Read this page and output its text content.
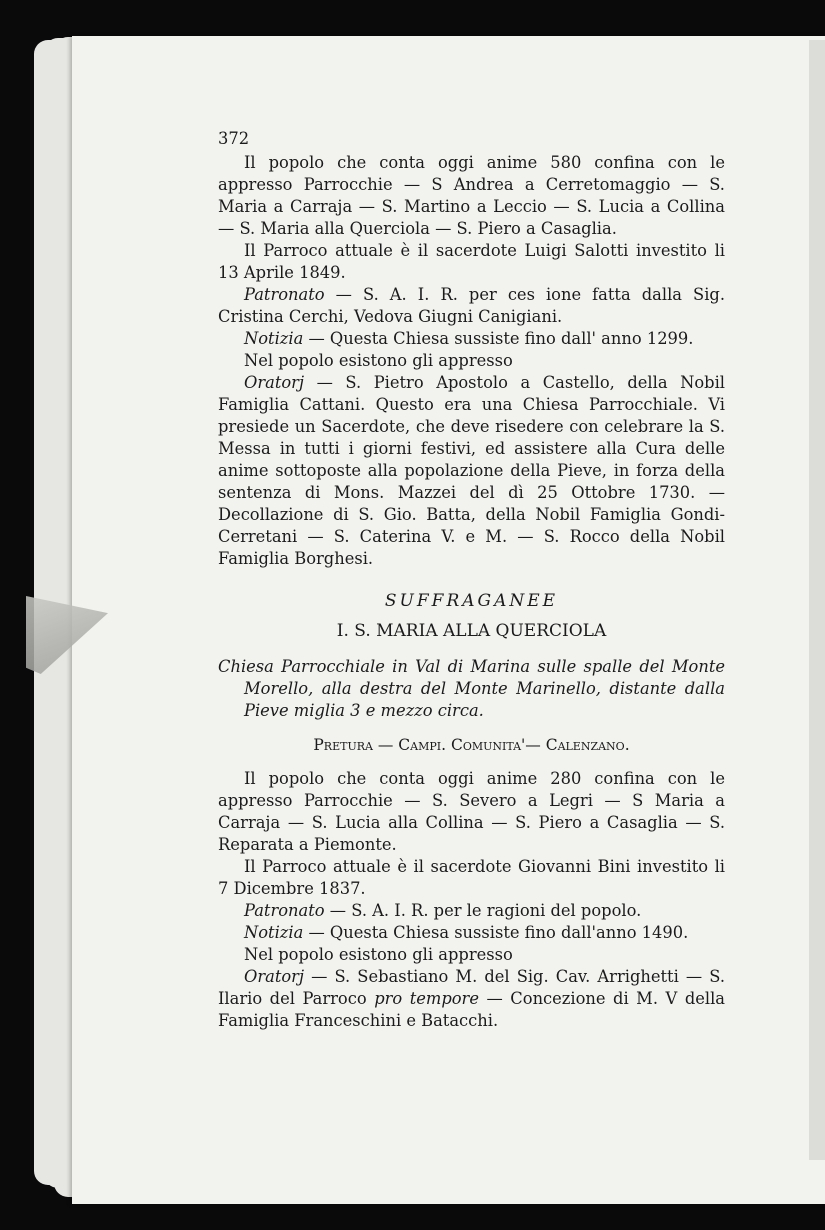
372

Il popolo che conta oggi anime 580 confina con le appresso Parrocchie — S Andrea a Cerretomaggio — S. Maria a Carraja — S. Martino a Leccio — S. Lucia a Collina — S. Maria alla Querciola — S. Piero a Casaglia.

Il Parroco attuale è il sacerdote Luigi Salotti investito li 13 Aprile 1849.

Patronato — S. A. I. R. per ces ione fatta dalla Sig. Cristina Cerchi, Vedova Giugni Canigiani.

Notizia — Questa Chiesa sussiste fino dall' anno 1299.

Nel popolo esistono gli appresso

Oratorj — S. Pietro Apostolo a Castello, della Nobil Famiglia Cattani. Questo era una Chiesa Parrocchiale. Vi presiede un Sacerdote, che deve risedere con celebrare la S. Messa in tutti i giorni festivi, ed assistere alla Cura delle anime sottoposte alla popolazione della Pieve, in forza della sentenza di Mons. Mazzei del dì 25 Ottobre 1730. — Decollazione di S. Gio. Batta, della Nobil Famiglia Gondi-Cerretani — S. Caterina V. e M. — S. Rocco della Nobil Famiglia Borghesi.

SUFFRAGANEE

I. S. MARIA ALLA QUERCIOLA

Chiesa Parrocchiale in Val di Marina sulle spalle del Monte Morello, alla destra del Monte Marinello, distante dalla Pieve miglia 3 e mezzo circa.

Pretura — Campi. Comunita'— Calenzano.

Il popolo che conta oggi anime 280 confina con le appresso Parrocchie — S. Severo a Legri — S Maria a Carraja — S. Lucia alla Collina — S. Piero a Casaglia — S. Reparata a Piemonte.

Il Parroco attuale è il sacerdote Giovanni Bini investito li 7 Dicembre 1837.

Patronato — S. A. I. R. per le ragioni del popolo.

Notizia — Questa Chiesa sussiste fino dall'anno 1490.

Nel popolo esistono gli appresso

Oratorj — S. Sebastiano M. del Sig. Cav. Arrighetti — S. Ilario del Parroco pro tempore — Concezione di M. V della Famiglia Franceschini e Batacchi.
